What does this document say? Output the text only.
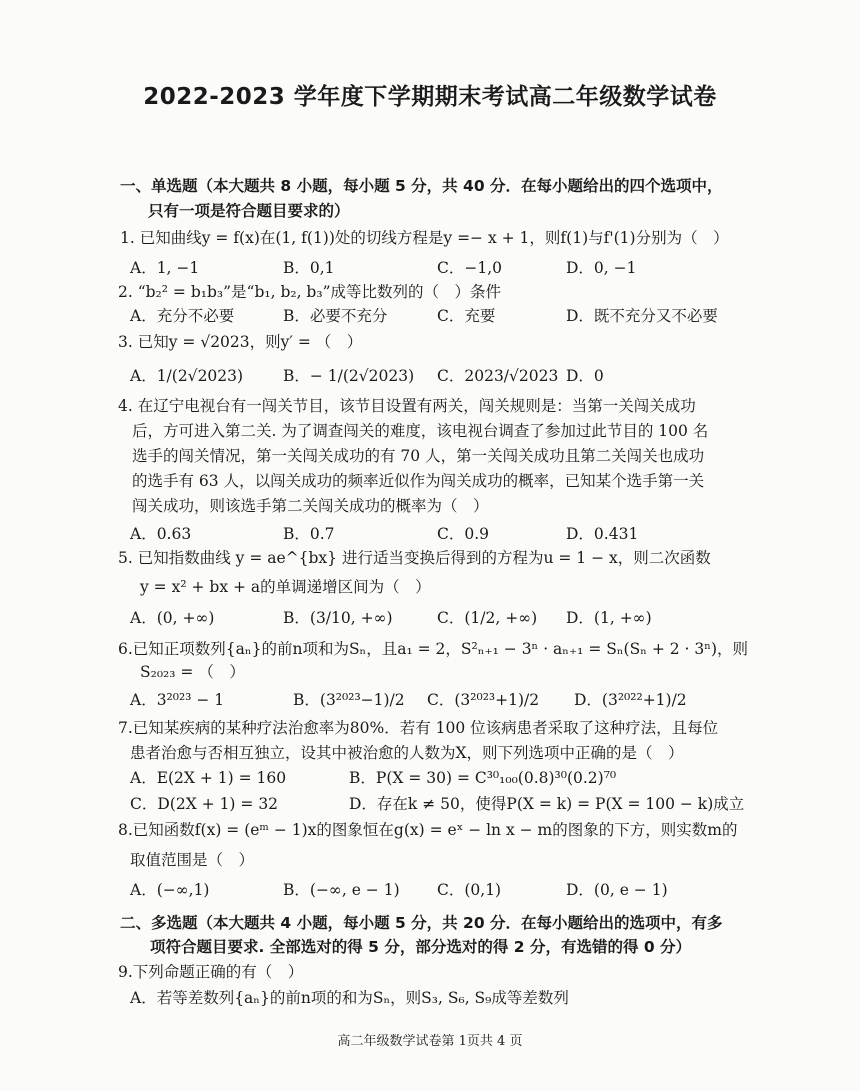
2022-2023 学年度下学期期末考试高二年级数学试卷
一、单选题（本大题共 8 小题，每小题 5 分，共 40 分．在每小题给出的四个选项中，
只有一项是符合题目要求的）
1. 已知曲线y = f(x)在(1, f(1))处的切线方程是y =− x + 1，则f(1)与f'(1)分别为（　）
A．1, −1	B．0,1	C．−1,0	D．0, −1
2. “b₂² = b₁b₃”是“b₁, b₂, b₃”成等比数列的（　）条件
A．充分不必要	B．必要不充分	C．充要	D．既不充分又不必要
3. 已知y = √2023，则y′ = （　）
A．1/(2√2023)	B．− 1/(2√2023) C．2023/√2023 D．0
4. 在辽宁电视台有一闯关节目，该节目设置有两关，闯关规则是：当第一关闯关成功
后，方可进入第二关. 为了调查闯关的难度，该电视台调查了参加过此节目的 100 名
选手的闯关情况，第一关闯关成功的有 70 人，第一关闯关成功且第二关闯关也成功
的选手有 63 人，以闯关成功的频率近似作为闯关成功的概率，已知某个选手第一关
闯关成功，则该选手第二关闯关成功的概率为（　）
A．0.63	B．0.7	C．0.9	D．0.431
5. 已知指数曲线 y = ae^{bx} 进行适当变换后得到的方程为u = 1 − x，则二次函数
y = x² + bx + a的单调递增区间为（　）
A．(0, +∞)	B．(3/10, +∞)	C．(1/2, +∞) D．(1, +∞)
6.已知正项数列{aₙ}的前n项和为Sₙ，且a₁ = 2，S²ₙ₊₁ − 3ⁿ · aₙ₊₁ = Sₙ(Sₙ + 2 · 3ⁿ)，则
S₂₀₂₃ = （　）
A．3²⁰²³ − 1	B．(3²⁰²³−1)/2 C．(3²⁰²³+1)/2 D．(3²⁰²²+1)/2
7.已知某疾病的某种疗法治愈率为80%．若有 100 位该病患者采取了这种疗法，且每位
患者治愈与否相互独立，设其中被治愈的人数为X，则下列选项中正确的是（　）
A．E(2X + 1) = 160	B．P(X = 30) = C³⁰₁₀₀(0.8)³⁰(0.2)⁷⁰
C．D(2X + 1) = 32	D．存在k ≠ 50，使得P(X = k) = P(X = 100 − k)成立
8.已知函数f(x) = (eᵐ − 1)x的图象恒在g(x) = eˣ − ln x − m的图象的下方，则实数m的
取值范围是（　）
A．(−∞,1)	B．(−∞, e − 1) C．(0,1)	D．(0, e − 1)
二、多选题（本大题共 4 小题，每小题 5 分，共 20 分．在每小题给出的选项中，有多
项符合题目要求. 全部选对的得 5 分，部分选对的得 2 分，有选错的得 0 分）
9.下列命题正确的有（　）
A．若等差数列{aₙ}的前n项的和为Sₙ，则S₃, S₆, S₉成等差数列
高二年级数学试卷第 1页共 4 页
